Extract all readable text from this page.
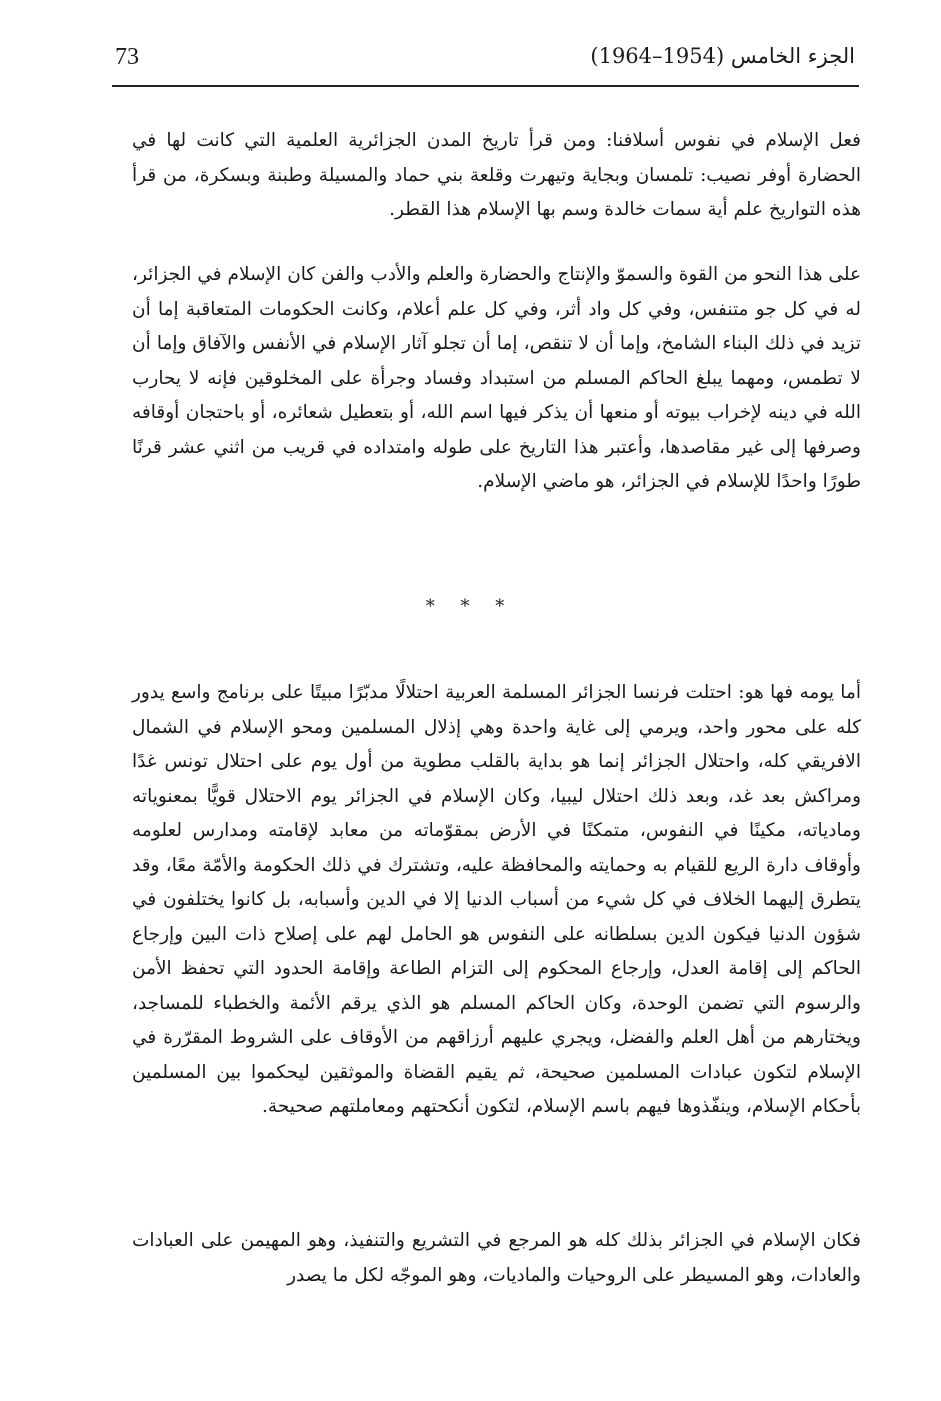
73	الجزء الخامس (1954–1964)

فعل الإسلام في نفوس أسلافنا: ومن قرأ تاريخ المدن الجزائرية العلمية التي كانت لها في الحضارة أوفر نصيب: تلمسان وبجاية وتيهرت وقلعة بني حماد والمسيلة وطبنة وبسكرة، من قرأ هذه التواريخ علم أية سمات خالدة وسم بها الإسلام هذا القطر.

على هذا النحو من القوة والسموّ والإنتاج والحضارة والعلم والأدب والفن كان الإسلام في الجزائر، له في كل جو متنفس، وفي كل واد أثر، وفي كل علم أعلام، وكانت الحكومات المتعاقبة إما أن تزيد في ذلك البناء الشامخ، وإما أن لا تنقص، إما أن تجلو آثار الإسلام في الأنفس والآفاق وإما أن لا تطمس، ومهما يبلغ الحاكم المسلم من استبداد وفساد وجرأة على المخلوقين فإنه لا يحارب الله في دينه لإخراب بيوته أو منعها أن يذكر فيها اسم الله، أو بتعطيل شعائره، أو باحتجان أوقافه وصرفها إلى غير مقاصدها، وأعتبر هذا التاريخ على طوله وامتداده في قريب من اثني عشر قرنًا طورًا واحدًا للإسلام في الجزائر، هو ماضي الإسلام.

* * *

أما يومه فها هو: احتلت فرنسا الجزائر المسلمة العربية احتلالًا مدبّرًا مبيتًا على برنامج واسع يدور كله على محور واحد، ويرمي إلى غاية واحدة وهي إذلال المسلمين ومحو الإسلام في الشمال الافريقي كله، واحتلال الجزائر إنما هو بداية بالقلب مطوية من أول يوم على احتلال تونس غدًا ومراكش بعد غد، وبعد ذلك احتلال ليبيا، وكان الإسلام في الجزائر يوم الاحتلال قويًّا بمعنوياته ومادياته، مكينًا في النفوس، متمكنًا في الأرض بمقوّماته من معابد لإقامته ومدارس لعلومه وأوقاف دارة الريع للقيام به وحمايته والمحافظة عليه، وتشترك في ذلك الحكومة والأمّة معًا، وقد يتطرق إليهما الخلاف في كل شيء من أسباب الدنيا إلا في الدين وأسبابه، بل كانوا يختلفون في شؤون الدنيا فيكون الدين بسلطانه على النفوس هو الحامل لهم على إصلاح ذات البين وإرجاع الحاكم إلى إقامة العدل، وإرجاع المحكوم إلى التزام الطاعة وإقامة الحدود التي تحفظ الأمن والرسوم التي تضمن الوحدة، وكان الحاكم المسلم هو الذي يرقم الأئمة والخطباء للمساجد، ويختارهم من أهل العلم والفضل، ويجري عليهم أرزاقهم من الأوقاف على الشروط المقرّرة في الإسلام لتكون عبادات المسلمين صحيحة، ثم يقيم القضاة والموثقين ليحكموا بين المسلمين بأحكام الإسلام، وينفّذوها فيهم باسم الإسلام، لتكون أنكحتهم ومعاملتهم صحيحة.

فكان الإسلام في الجزائر بذلك كله هو المرجع في التشريع والتنفيذ، وهو المهيمن على العبادات والعادات، وهو المسيطر على الروحيات والماديات، وهو الموجّه لكل ما يصدر
